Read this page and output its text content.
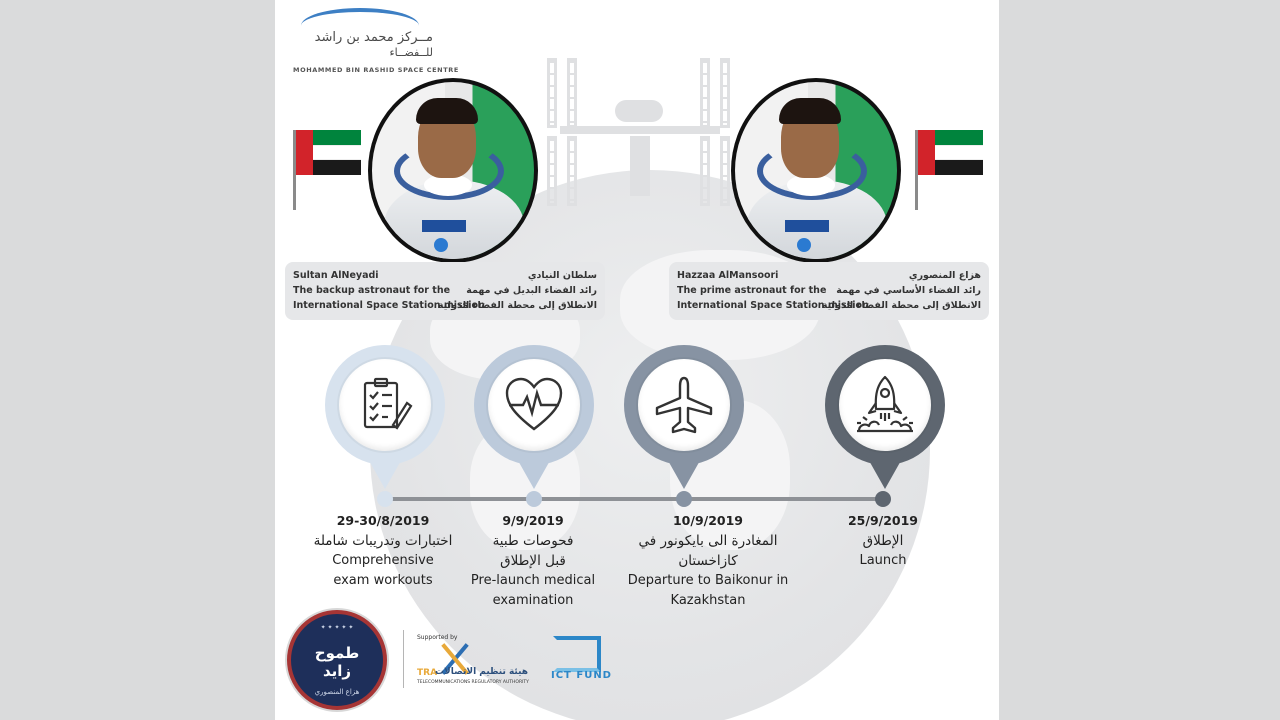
مــركز محمد بن راشد
للــفضــاء
MOHAMMED BIN RASHID SPACE CENTRE
Sultan AlNeyadi
The backup astronaut for the
International Space Station mission
سلطان النيادي
رائد الفضاء البديل في مهمة
الانطلاق إلى محطة الفضاء الدولية
Hazzaa AlMansoori
The prime astronaut for the
International Space Station mission
هزاع المنصوري
رائد الفضاء الأساسي في مهمة
الانطلاق إلى محطة الفضاء الدولية
29-30/8/2019
اختبارات وتدريبات شاملة
Comprehensive
exam workouts
9/9/2019
فحوصات طبية
قبل الإطلاق
Pre-launch medical
examination
10/9/2019
المغادرة الى بايكونور في
كازاخستان
Departure to Baikonur in
Kazakhstan
25/9/2019
الإطلاق
Launch
✦ ✦ ✦ ✦ ✦
طموح
زايد
هزاع المنصوري
Supported by
TRA
هيئة تنظيم الاتصالات
TELECOMMUNICATIONS REGULATORY AUTHORITY
ICT FUND
